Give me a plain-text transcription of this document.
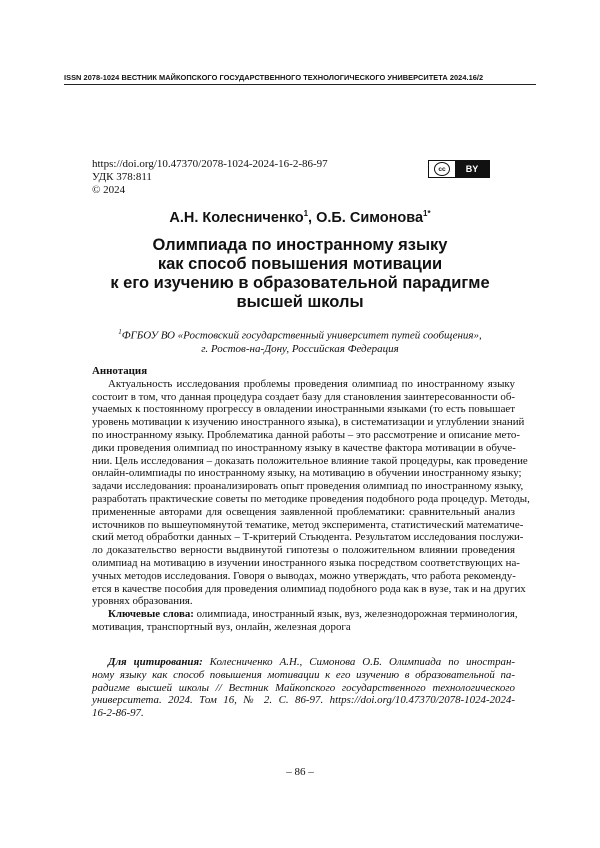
ISSN 2078-1024 ВЕСТНИК МАЙКОПСКОГО ГОСУДАРСТВЕННОГО ТЕХНОЛОГИЧЕСКОГО УНИВЕРСИТЕТА 2024.16/2
https://doi.org/10.47370/2078-1024-2024-16-2-86-97
УДК 378:811
© 2024
cc	BY
А.Н. Колесниченко$^1$, О.Б. Симонова$^{1*}$
Олимпиада по иностранному языку
как способ повышения мотивации
к его изучению в образовательной парадигме
высшей школы
$^1$ФГБОУ ВО «Ростовский государственный университет путей сообщения»,
г. Ростов-на-Дону, Российская Федерация
Аннотация
Актуальность исследования проблемы проведения олимпиад по иностранному языку
состоит в том, что данная процедура создает базу для становления заинтересованности об-
учаемых к постоянному прогрессу в овладении иностранными языками (то есть повышает
уровень мотивации к изучению иностранного языка), в систематизации и углублении знаний
по иностранному языку. Проблематика данной работы – это рассмотрение и описание мето-
дики проведения олимпиад по иностранному языку в качестве фактора мотивации в обуче-
нии. Цель исследования – доказать положительное влияние такой процедуры, как проведение
онлайн-олимпиады по иностранному языку, на мотивацию в обучении иностранному языку;
задачи исследования: проанализировать опыт проведения олимпиад по иностранному языку,
разработать практические советы по методике проведения подобного рода процедур. Методы,
примененные авторами для освещения заявленной проблематики: сравнительный анализ
источников по вышеупомянутой тематике, метод эксперимента, статистический математиче-
ский метод обработки данных – Т-критерий Стьюдента. Результатом исследования послужи-
ло доказательство верности выдвинутой гипотезы о положительном влиянии проведения
олимпиад на мотивацию в изучении иностранного языка посредством соответствующих на-
учных методов исследования. Говоря о выводах, можно утверждать, что работа рекоменду-
ется в качестве пособия для проведения олимпиад подобного рода как в вузе, так и на других
уровнях образования.
Ключевые слова: олимпиада, иностранный язык, вуз, железнодорожная терминология,
мотивация, транспортный вуз, онлайн, железная дорога
Для цитирования: Колесниченко А.Н., Симонова О.Б. Олимпиада по иностран-
ному языку как способ повышения мотивации к его изучению в образовательной па-
радигме высшей школы // Вестник Майкопского государственного технологического
университета. 2024. Том 16, № 2. С. 86-97. https://doi.org/10.47370/2078-1024-2024-
16-2-86-97.
– 86 –
